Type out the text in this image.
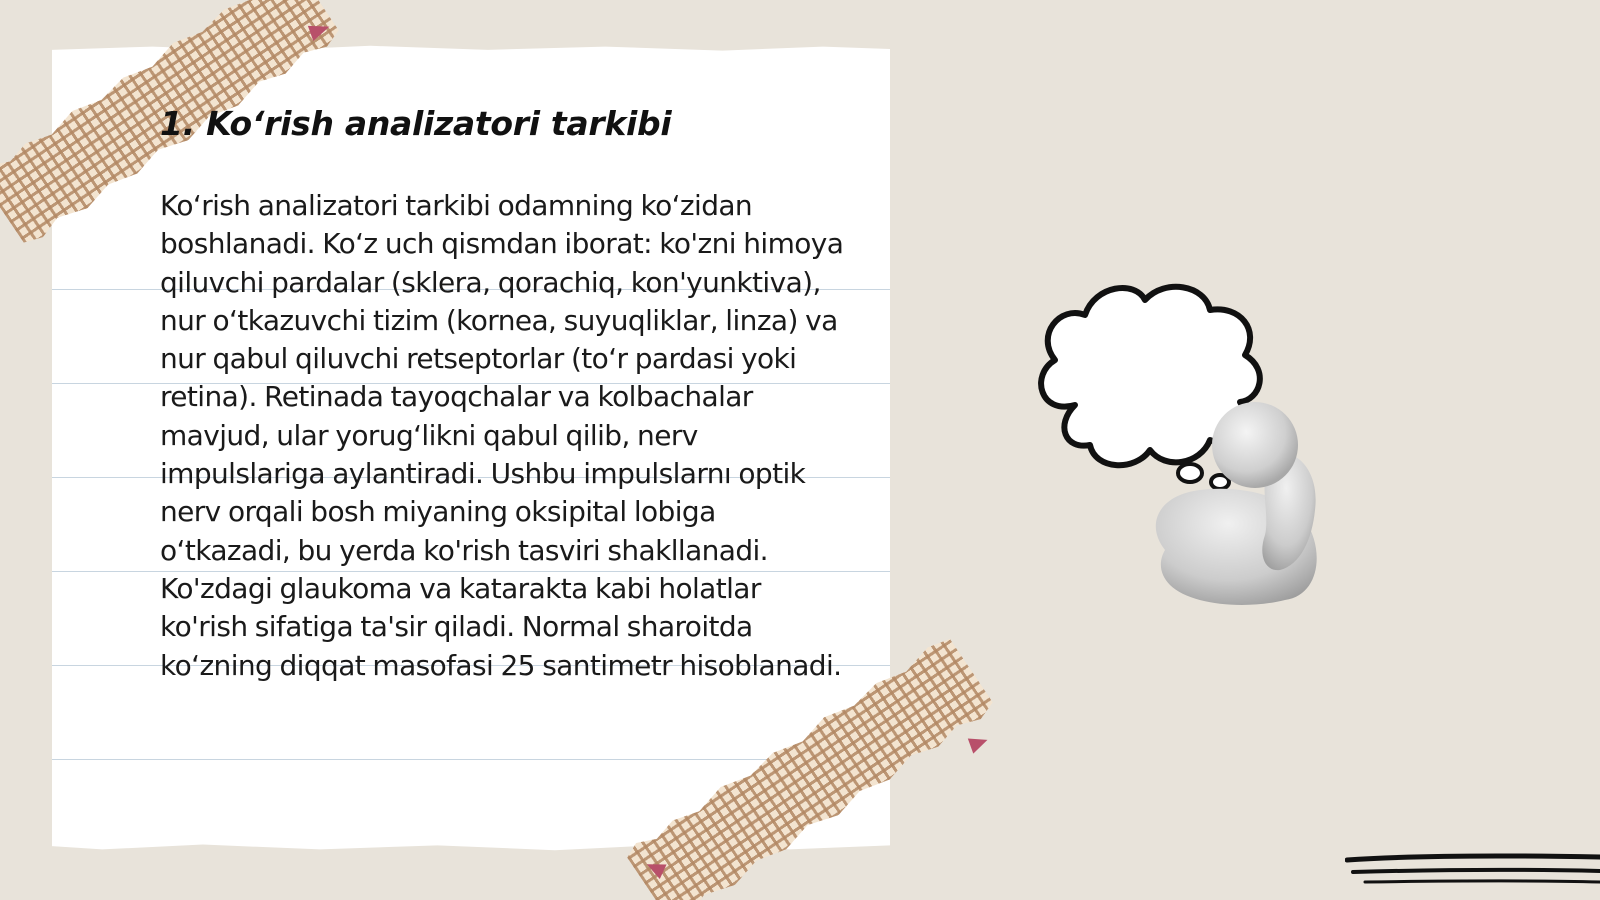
1. Ko‘rish analizatori tarkibi

Ko‘rish analizatori tarkibi odamning ko‘zidan boshlanadi. Ko‘z uch qismdan iborat: ko'zni himoya qiluvchi pardalar (sklera, qorachiq, kon'yunktiva), nur o‘tkazuvchi tizim (kornea, suyuqliklar, linza) va nur qabul qiluvchi retseptorlar (to‘r pardasi yoki retina). Retinada tayoqchalar va kolbachalar mavjud, ular yorug‘likni qabul qilib, nerv impulslariga aylantiradi. Ushbu impulslarnı optik nerv orqali bosh miyaning oksipital lobiga o‘tkazadi, bu yerda ko'rish tasviri shakllanadi. Ko'zdagi glaukoma va katarakta kabi holatlar ko'rish sifatiga ta'sir qiladi. Normal sharoitda ko‘zning diqqat masofasi 25 santimetr hisoblanadi.
